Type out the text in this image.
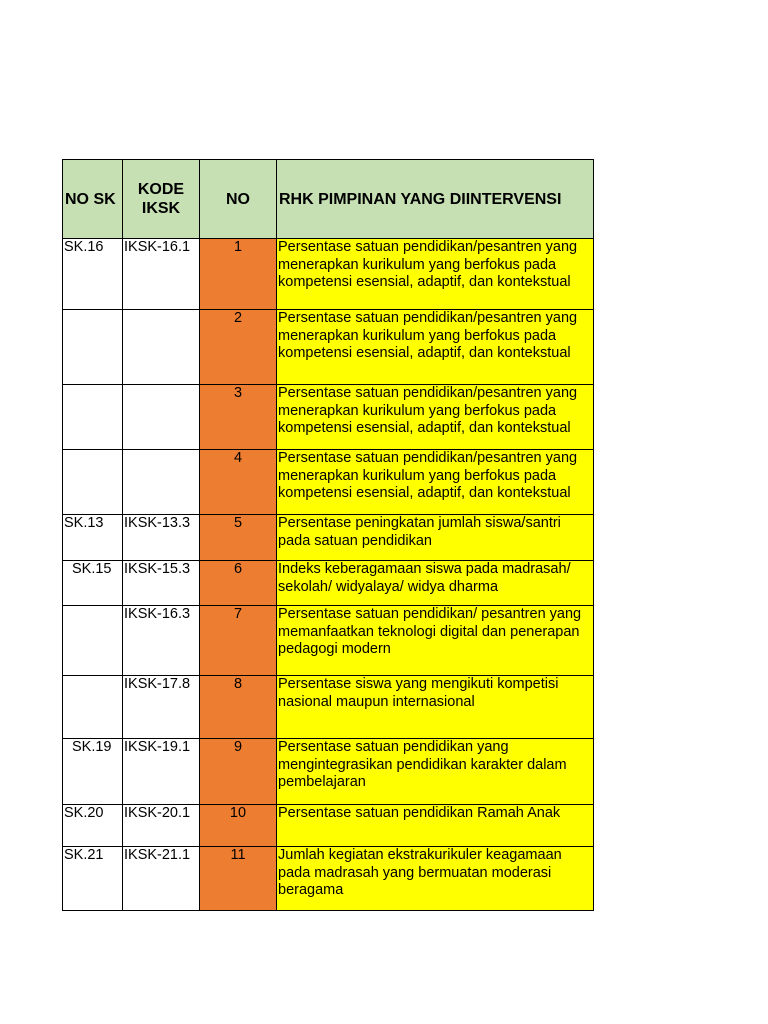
NO SK	KODE IKSK	NO	RHK PIMPINAN YANG DIINTERVENSI
SK.16	IKSK-16.1	1	Persentase satuan pendidikan/pesantren yang menerapkan kurikulum yang berfokus pada kompetensi esensial, adaptif, dan kontekstual

		2	Persentase satuan pendidikan/pesantren yang menerapkan kurikulum yang berfokus pada kompetensi esensial, adaptif, dan kontekstual

		3	Persentase satuan pendidikan/pesantren yang menerapkan kurikulum yang berfokus pada kompetensi esensial, adaptif, dan kontekstual

		4	Persentase satuan pendidikan/pesantren yang menerapkan kurikulum yang berfokus pada kompetensi esensial, adaptif, dan kontekstual

SK.13	IKSK-13.3	5	Persentase peningkatan jumlah siswa/santri pada satuan pendidikan
SK.15	IKSK-15.3	6	Indeks keberagamaan siswa pada madrasah/ sekolah/ widyalaya/ widya dharma
	IKSK-16.3	7	Persentase satuan pendidikan/ pesantren yang memanfaatkan teknologi digital dan penerapan pedagogi modern
	IKSK-17.8	8	Persentase siswa yang mengikuti kompetisi nasional maupun internasional
SK.19	IKSK-19.1	9	Persentase satuan pendidikan yang mengintegrasikan pendidikan karakter dalam pembelajaran
SK.20	IKSK-20.1	10	Persentase satuan pendidikan Ramah Anak
SK.21	IKSK-21.1	11	Jumlah kegiatan ekstrakurikuler keagamaan pada madrasah yang bermuatan moderasi beragama
